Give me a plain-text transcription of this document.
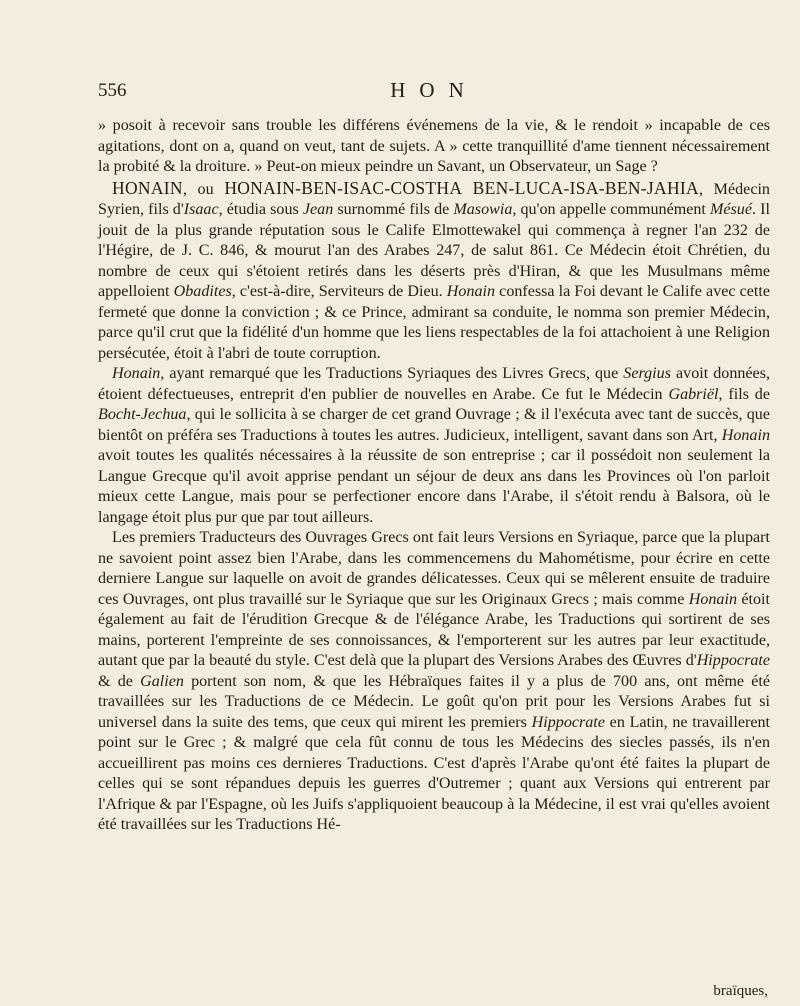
556	HON

» posoit à recevoir sans trouble les différens événemens de la vie, & le rendoit » incapable de ces agitations, dont on a, quand on veut, tant de sujets. A » cette tranquillité d'ame tiennent nécessairement la probité & la droiture. » Peut-on mieux peindre un Savant, un Observateur, un Sage ?

HONAIN, ou HONAIN-BEN-ISAC-COSTHA BEN-LUCA-ISA-BEN-JAHIA, Médecin Syrien, fils d'Isaac, étudia sous Jean surnommé fils de Masowia, qu'on appelle communément Mésué. Il jouit de la plus grande réputation sous le Calife Elmottewakel qui commença à regner l'an 232 de l'Hégire, de J. C. 846, & mourut l'an des Arabes 247, de salut 861. Ce Médecin étoit Chrétien, du nombre de ceux qui s'étoient retirés dans les déserts près d'Hiran, & que les Musulmans même appelloient Obadites, c'est-à-dire, Serviteurs de Dieu. Honain confessa la Foi devant le Calife avec cette fermeté que donne la conviction ; & ce Prince, admirant sa conduite, le nomma son premier Médecin, parce qu'il crut que la fidélité d'un homme que les liens respectables de la foi attachoient à une Religion persécutée, étoit à l'abri de toute corruption.

Honain, ayant remarqué que les Traductions Syriaques des Livres Grecs, que Sergius avoit données, étoient défectueuses, entreprit d'en publier de nouvelles en Arabe. Ce fut le Médecin Gabriël, fils de Bocht-Jechua, qui le sollicita à se charger de cet grand Ouvrage ; & il l'exécuta avec tant de succès, que bientôt on préféra ses Traductions à toutes les autres. Judicieux, intelligent, savant dans son Art, Honain avoit toutes les qualités nécessaires à la réussite de son entreprise ; car il possédoit non seulement la Langue Grecque qu'il avoit apprise pendant un séjour de deux ans dans les Provinces où l'on parloit mieux cette Langue, mais pour se perfectioner encore dans l'Arabe, il s'étoit rendu à Balsora, où le langage étoit plus pur que par tout ailleurs.

Les premiers Traducteurs des Ouvrages Grecs ont fait leurs Versions en Syriaque, parce que la plupart ne savoient point assez bien l'Arabe, dans les commencemens du Mahométisme, pour écrire en cette derniere Langue sur laquelle on avoit de grandes délicatesses. Ceux qui se mêlerent ensuite de traduire ces Ouvrages, ont plus travaillé sur le Syriaque que sur les Originaux Grecs ; mais comme Honain étoit également au fait de l'érudition Grecque & de l'élégance Arabe, les Traductions qui sortirent de ses mains, porterent l'empreinte de ses connoissances, & l'emporterent sur les autres par leur exactitude, autant que par la beauté du style. C'est delà que la plupart des Versions Arabes des Œuvres d'Hippocrate & de Galien portent son nom, & que les Hébraïques faites il y a plus de 700 ans, ont même été travaillées sur les Traductions de ce Médecin. Le goût qu'on prit pour les Versions Arabes fut si universel dans la suite des tems, que ceux qui mirent les premiers Hippocrate en Latin, ne travaillerent point sur le Grec ; & malgré que cela fût connu de tous les Médecins des siecles passés, ils n'en accueillirent pas moins ces dernieres Traductions. C'est d'après l'Arabe qu'ont été faites la plupart de celles qui se sont répandues depuis les guerres d'Outremer ; quant aux Versions qui entrerent par l'Afrique & par l'Espagne, où les Juifs s'appliquoient beaucoup à la Médecine, il est vrai qu'elles avoient été travaillées sur les Traductions Hé-

braïques,
